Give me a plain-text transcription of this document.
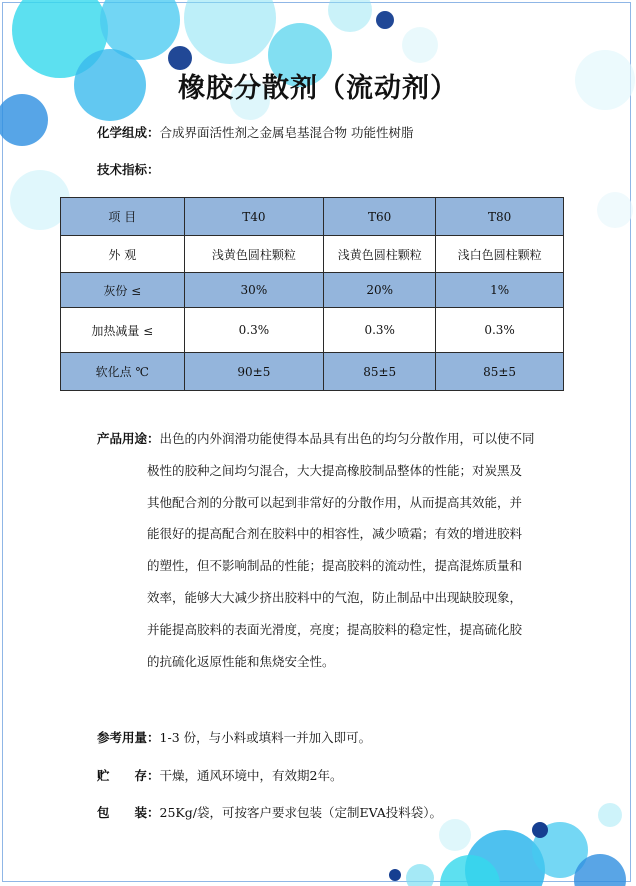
橡胶分散剂（流动剂）
化学组成：合成界面活性剂之金属皂基混合物 功能性树脂
技术指标：
项 目	T40	T60	T80
外 观	浅黄色圆柱颗粒	浅黄色圆柱颗粒	浅白色圆柱颗粒
灰份 ≤	30%	20%	1%
加热减量 ≤	0.3%	0.3%	0.3%
软化点 ℃	90±5	85±5	85±5
产品用途：出色的内外润滑功能使得本品具有出色的均匀分散作用，可以使不同
极性的胶种之间均匀混合，大大提高橡胶制品整体的性能；对炭黑及
其他配合剂的分散可以起到非常好的分散作用，从而提高其效能，并
能很好的提高配合剂在胶料中的相容性，减少喷霜；有效的增进胶料
的塑性，但不影响制品的性能；提高胶料的流动性，提高混炼质量和
效率，能够大大减少挤出胶料中的气泡，防止制品中出现缺胶现象，
并能提高胶料的表面光滑度，亮度；提高胶料的稳定性，提高硫化胶
的抗硫化返原性能和焦烧安全性。
参考用量：1-3 份，与小料或填料一并加入即可。
贮　　存：干燥，通风环境中，有效期2年。
包　　装：25Kg/袋，可按客户要求包装（定制EVA投料袋）。
